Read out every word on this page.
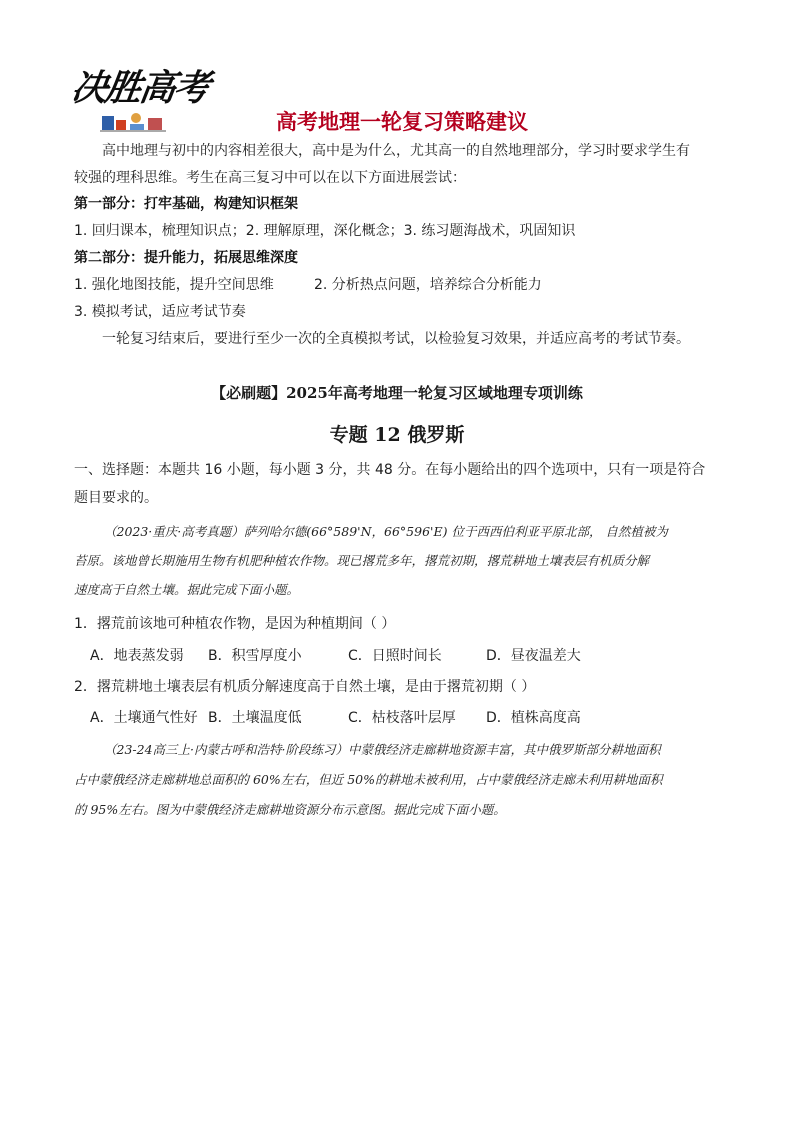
决胜高考
高考地理一轮复习策略建议
高中地理与初中的内容相差很大，高中是为什么，尤其高一的自然地理部分，学习时要求学生有
较强的理科思维。考生在高三复习中可以在以下方面进展尝试：
第一部分：打牢基础，构建知识框架
1. 回归课本，梳理知识点；2. 理解原理，深化概念；3. 练习题海战术，巩固知识
第二部分：提升能力，拓展思维深度
1. 强化地图技能，提升空间思维	2. 分析热点问题，培养综合分析能力
3. 模拟考试，适应考试节奏
一轮复习结束后，要进行至少一次的全真模拟考试，以检验复习效果，并适应高考的考试节奏。
【必刷题】2025年高考地理一轮复习区域地理专项训练
专题 12 俄罗斯
一、选择题：本题共 16 小题，每小题 3 分，共 48 分。在每小题给出的四个选项中，只有一项是符合
题目要求的。
（2023·重庆·高考真题）萨列哈尔德(66°589'N，66°596'E) 位于西西伯利亚平原北部， 自然植被为
苔原。该地曾长期施用生物有机肥种植农作物。现已撂荒多年，撂荒初期，撂荒耕地土壤表层有机质分解
速度高于自然土壤。据此完成下面小题。
1．撂荒前该地可种植农作物，是因为种植期间（ ）
A．地表蒸发弱 B．积雪厚度小	C．日照时间长	D．昼夜温差大
2．撂荒耕地土壤表层有机质分解速度高于自然土壤，是由于撂荒初期（ ）
A．土壤通气性好 B．土壤温度低	C．枯枝落叶层厚 D．植株高度高
（23-24高三上·内蒙古呼和浩特·阶段练习）中蒙俄经济走廊耕地资源丰富，其中俄罗斯部分耕地面积
占中蒙俄经济走廊耕地总面积的 60%左右，但近 50%的耕地未被利用，占中蒙俄经济走廊未利用耕地面积
的 95%左右。图为中蒙俄经济走廊耕地资源分布示意图。据此完成下面小题。
